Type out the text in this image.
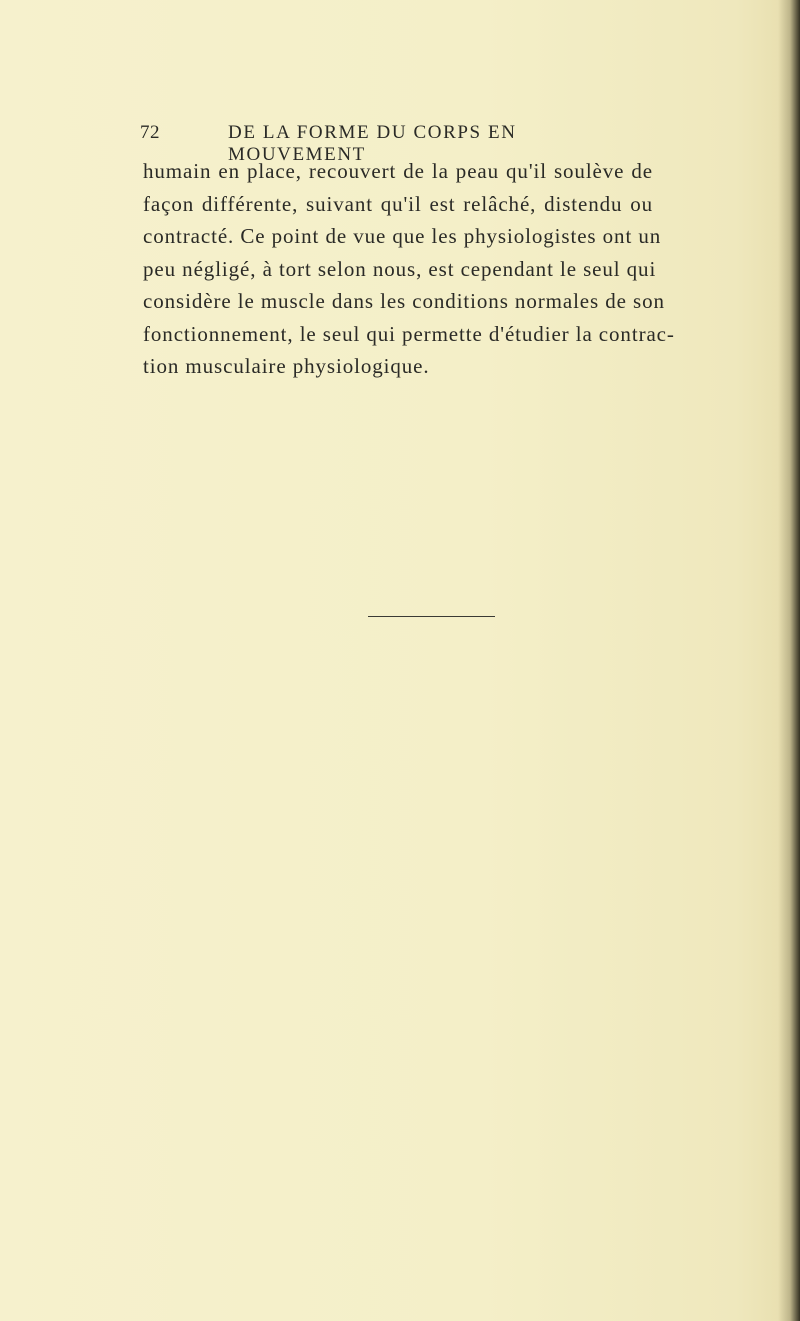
72	DE LA FORME DU CORPS EN MOUVEMENT
humain en place, recouvert de la peau qu'il soulève de
façon différente, suivant qu'il est relâché, distendu ou
contracté. Ce point de vue que les physiologistes ont un
peu négligé, à tort selon nous, est cependant le seul qui
considère le muscle dans les conditions normales de son
fonctionnement, le seul qui permette d'étudier la contrac-
tion musculaire physiologique.
